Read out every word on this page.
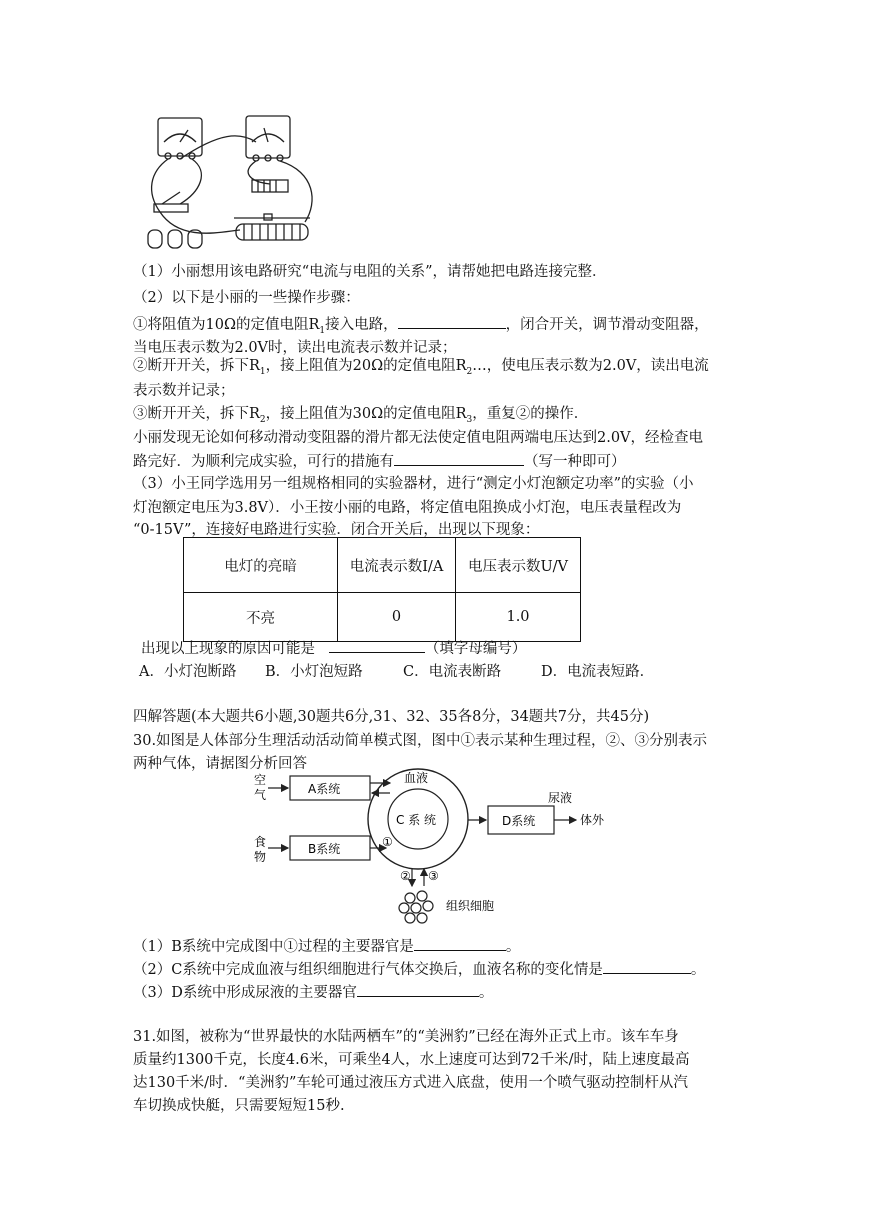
（1）小丽想用该电路研究“电流与电阻的关系”，请帮她把电路连接完整．
（2）以下是小丽的一些操作步骤：
①将阻值为10Ω的定值电阻$R_1$接入电路，	，闭合开关，调节滑动变阻器，
当电压表示数为2.0V时，读出电流表示数并记录；
②断开开关，拆下$R_1$，接上阻值为20Ω的定值电阻$R_2\dots$，使电压表示数为2.0V，读出电流
表示数并记录；
③断开开关，拆下$R_2$，接上阻值为30Ω的定值电阻$R_3$，重复②的操作．
小丽发现无论如何移动滑动变阻器的滑片都无法使定值电阻两端电压达到2.0V，经检查电
路完好．为顺利完成实验，可行的措施有	（写一种即可）
（3）小王同学选用另一组规格相同的实验器材，进行“测定小灯泡额定功率”的实验（小
灯泡额定电压为3.8V）．小王按小丽的电路，将定值电阻换成小灯泡，电压表量程改为
“0-15V”，连接好电路进行实验．闭合开关后，出现以下现象：
电灯的亮暗	电流表示数I/A	电压表示数U/V
不亮	0	1.0
出现以上现象的原因可能是	（填字母编号）
A．小灯泡断路 B．小灯泡短路	C．电流表断路	D．电流表短路．
四解答题(本大题共6小题,30题共6分,31、32、35各8分，34题共7分，共45分)
30.如图是人体部分生理活动活动简单模式图，图中①表示某种生理过程，②、③分别表示
两种气体，请据图分析回答
空
气
食
物
A系统
B系统
C 系 统
血液
D系统
尿液
体外
①
② ③
组织细胞
（1）B系统中完成图中①过程的主要器官是	。
（2）C系统中完成血液与组织细胞进行气体交换后，血液名称的变化情是	。
（3）D系统中形成尿液的主要器官	。
31.如图，被称为“世界最快的水陆两栖车”的“美洲豹”已经在海外正式上市。该车车身
质量约1300千克，长度4.6米，可乘坐4人，水上速度可达到72千米/时，陆上速度最高
达130千米/时．“美洲豹”车轮可通过液压方式进入底盘，使用一个喷气驱动控制杆从汽
车切换成快艇，只需要短短15秒.
